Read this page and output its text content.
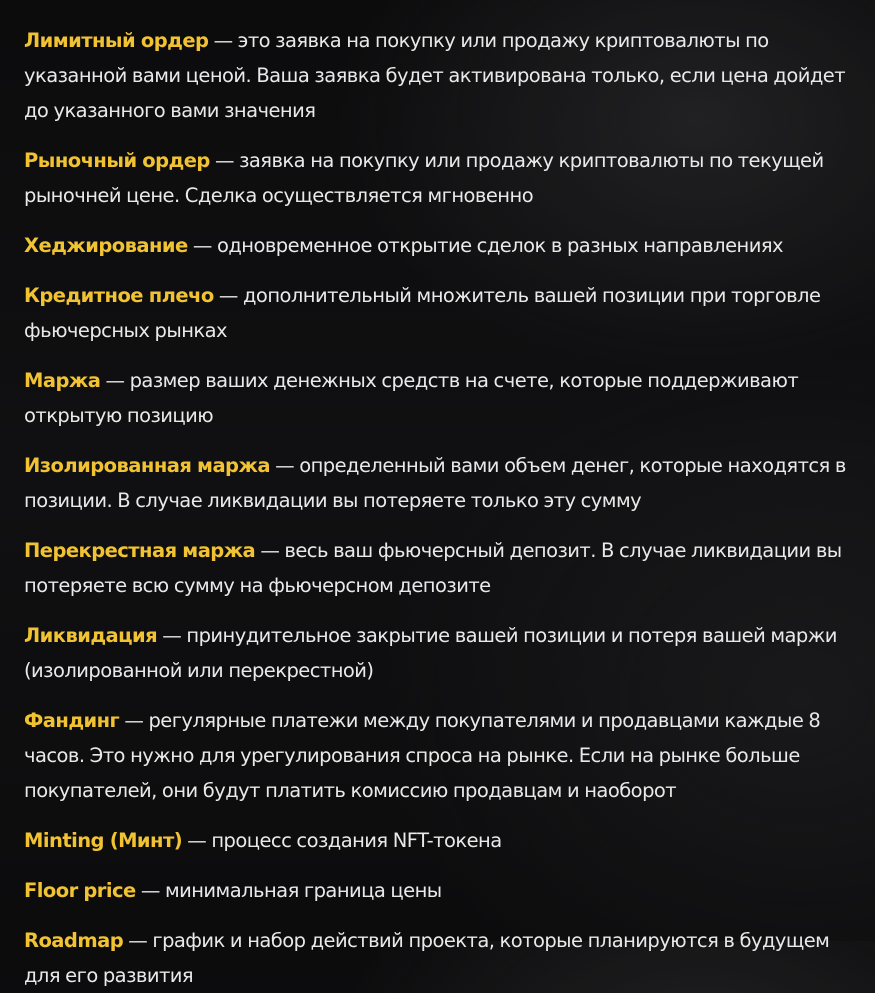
Лимитный ордер — это заявка на покупку или продажу криптовалюты по указанной вами ценой. Ваша заявка будет активирована только, если цена дойдет до указанного вами значения

Рыночный ордер — заявка на покупку или продажу криптовалюты по текущей рыночней цене. Сделка осуществляется мгновенно

Хеджирование — одновременное открытие сделок в разных направлениях

Кредитное плечо — дополнительный множитель вашей позиции при торговле фьючерсных рынках

Маржа — размер ваших денежных средств на счете, которые поддерживают открытую позицию

Изолированная маржа — определенный вами объем денег, которые находятся в позиции. В случае ликвидации вы потеряете только эту сумму

Перекрестная маржа — весь ваш фьючерсный депозит. В случае ликвидации вы потеряете всю сумму на фьючерсном депозите

Ликвидация — принудительное закрытие вашей позиции и потеря вашей маржи (изолированной или перекрестной)

Фандинг — регулярные платежи между покупателями и продавцами каждые 8 часов. Это нужно для урегулирования спроса на рынке. Если на рынке больше покупателей, они будут платить комиссию продавцам и наоборот

Minting (Минт) — процесс создания NFT-токена

Floor price — минимальная граница цены

Roadmap — график и набор действий проекта, которые планируются в будущем для его развития
